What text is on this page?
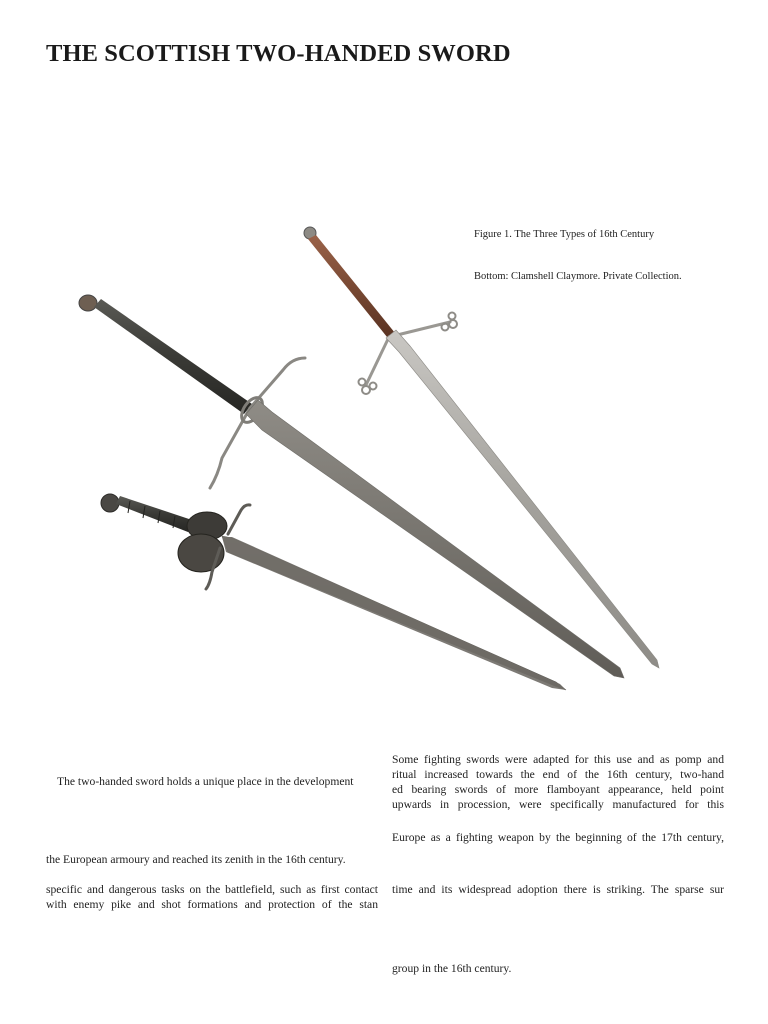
THE SCOTTISH TWO-HANDED SWORD
Figure 1. The Three Types of 16th Century
Bottom: Clamshell Claymore. Private Collection.
The two-handed sword holds a unique place in the development
the European armoury and reached its zenith in the 16th century.
specific and dangerous tasks on the battlefield, such as first contact
with enemy pike and shot formations and protection of the stan
Some fighting swords were adapted for this use and as pomp and
ritual increased towards the end of the 16th century, two-hand
ed bearing swords of more flamboyant appearance, held point
upwards in procession, were specifically manufactured for this
Europe as a fighting weapon by the beginning of the 17th century,
time and its widespread adoption there is striking. The sparse sur
group in the 16th century.
